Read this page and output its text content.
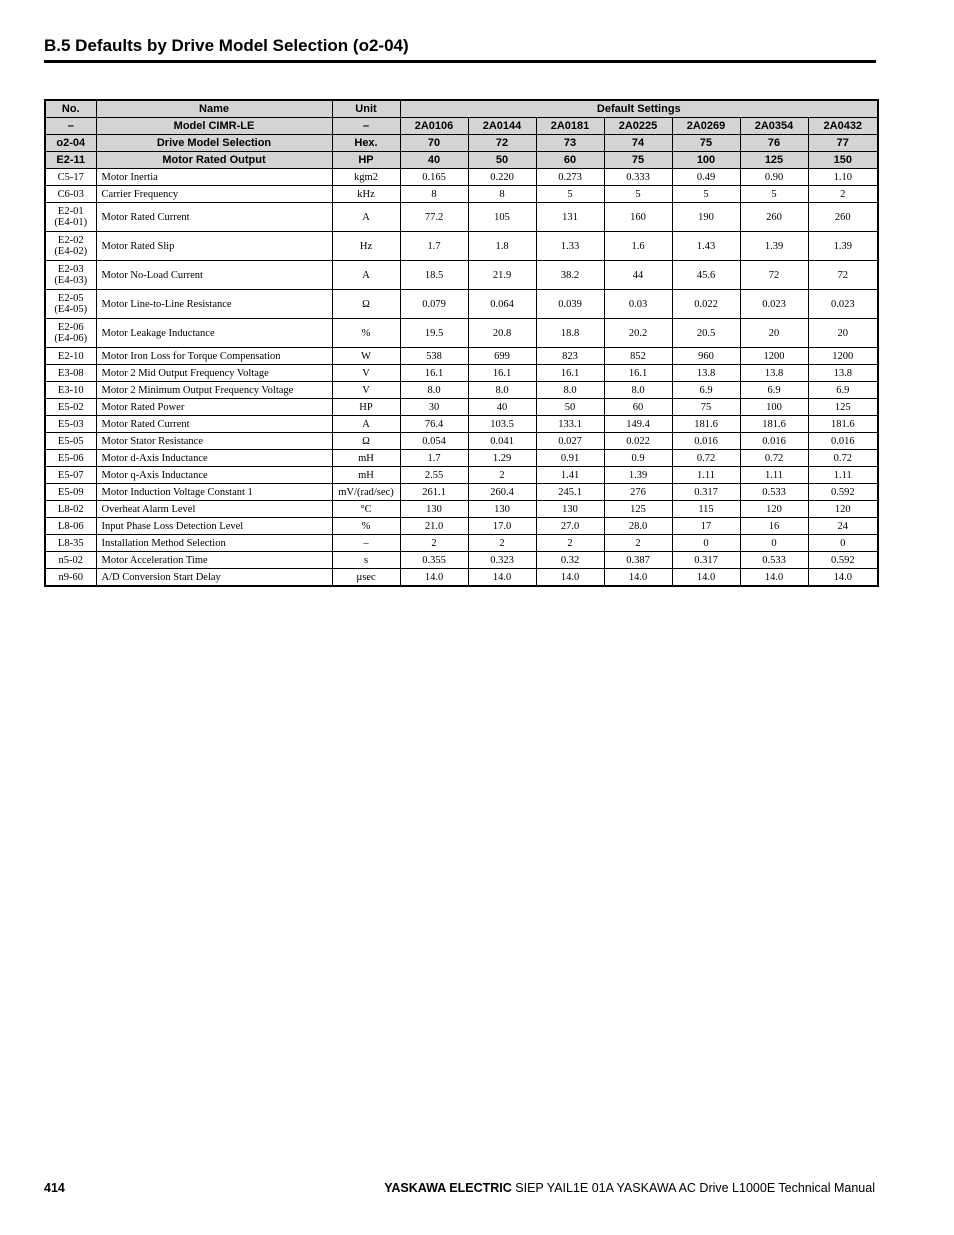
B.5 Defaults by Drive Model Selection (o2-04)
No.	Name	Unit	Default Settings						
–	Model CIMR-LE	–	2A0106	2A0144	2A0181	2A0225	2A0269	2A0354	2A0432
o2-04	Drive Model Selection	Hex.	70	72	73	74	75	76	77
E2-11	Motor Rated Output	HP	40	50	60	75	100	125	150
C5-17	Motor Inertia	kgm2	0.165	0.220	0.273	0.333	0.49	0.90	1.10
C6-03	Carrier Frequency	kHz	8	8	5	5	5	5	2
E2-01
(E4-01)	Motor Rated Current	A	77.2	105	131	160	190	260	260
E2-02
(E4-02)	Motor Rated Slip	Hz	1.7	1.8	1.33	1.6	1.43	1.39	1.39
E2-03
(E4-03)	Motor No-Load Current	A	18.5	21.9	38.2	44	45.6	72	72
E2-05
(E4-05)	Motor Line-to-Line Resistance	Ω	0.079	0.064	0.039	0.03	0.022	0.023	0.023
E2-06
(E4-06)	Motor Leakage Inductance	%	19.5	20.8	18.8	20.2	20.5	20	20
E2-10	Motor Iron Loss for Torque Compensation	W	538	699	823	852	960	1200	1200
E3-08	Motor 2 Mid Output Frequency Voltage	V	16.1	16.1	16.1	16.1	13.8	13.8	13.8
E3-10	Motor 2 Minimum Output Frequency Voltage	V	8.0	8.0	8.0	8.0	6.9	6.9	6.9
E5-02	Motor Rated Power	HP	30	40	50	60	75	100	125
E5-03	Motor Rated Current	A	76.4	103.5	133.1	149.4	181.6	181.6	181.6
E5-05	Motor Stator Resistance	Ω	0.054	0.041	0.027	0.022	0.016	0.016	0.016
E5-06	Motor d-Axis Inductance	mH	1.7	1.29	0.91	0.9	0.72	0.72	0.72
E5-07	Motor q-Axis Inductance	mH	2.55	2	1.41	1.39	1.11	1.11	1.11
E5-09	Motor Induction Voltage Constant 1	mV/(rad/sec)	261.1	260.4	245.1	276	0.317	0.533	0.592
L8-02	Overheat Alarm Level	°C	130	130	130	125	115	120	120
L8-06	Input Phase Loss Detection Level	%	21.0	17.0	27.0	28.0	17	16	24
L8-35	Installation Method Selection	–	2	2	2	2	0	0	0
n5-02	Motor Acceleration Time	s	0.355	0.323	0.32	0.387	0.317	0.533	0.592
n9-60	A/D Conversion Start Delay	µsec	14.0	14.0	14.0	14.0	14.0	14.0	14.0
414	YASKAWA ELECTRIC SIEP YAIL1E 01A YASKAWA AC Drive L1000E Technical Manual
